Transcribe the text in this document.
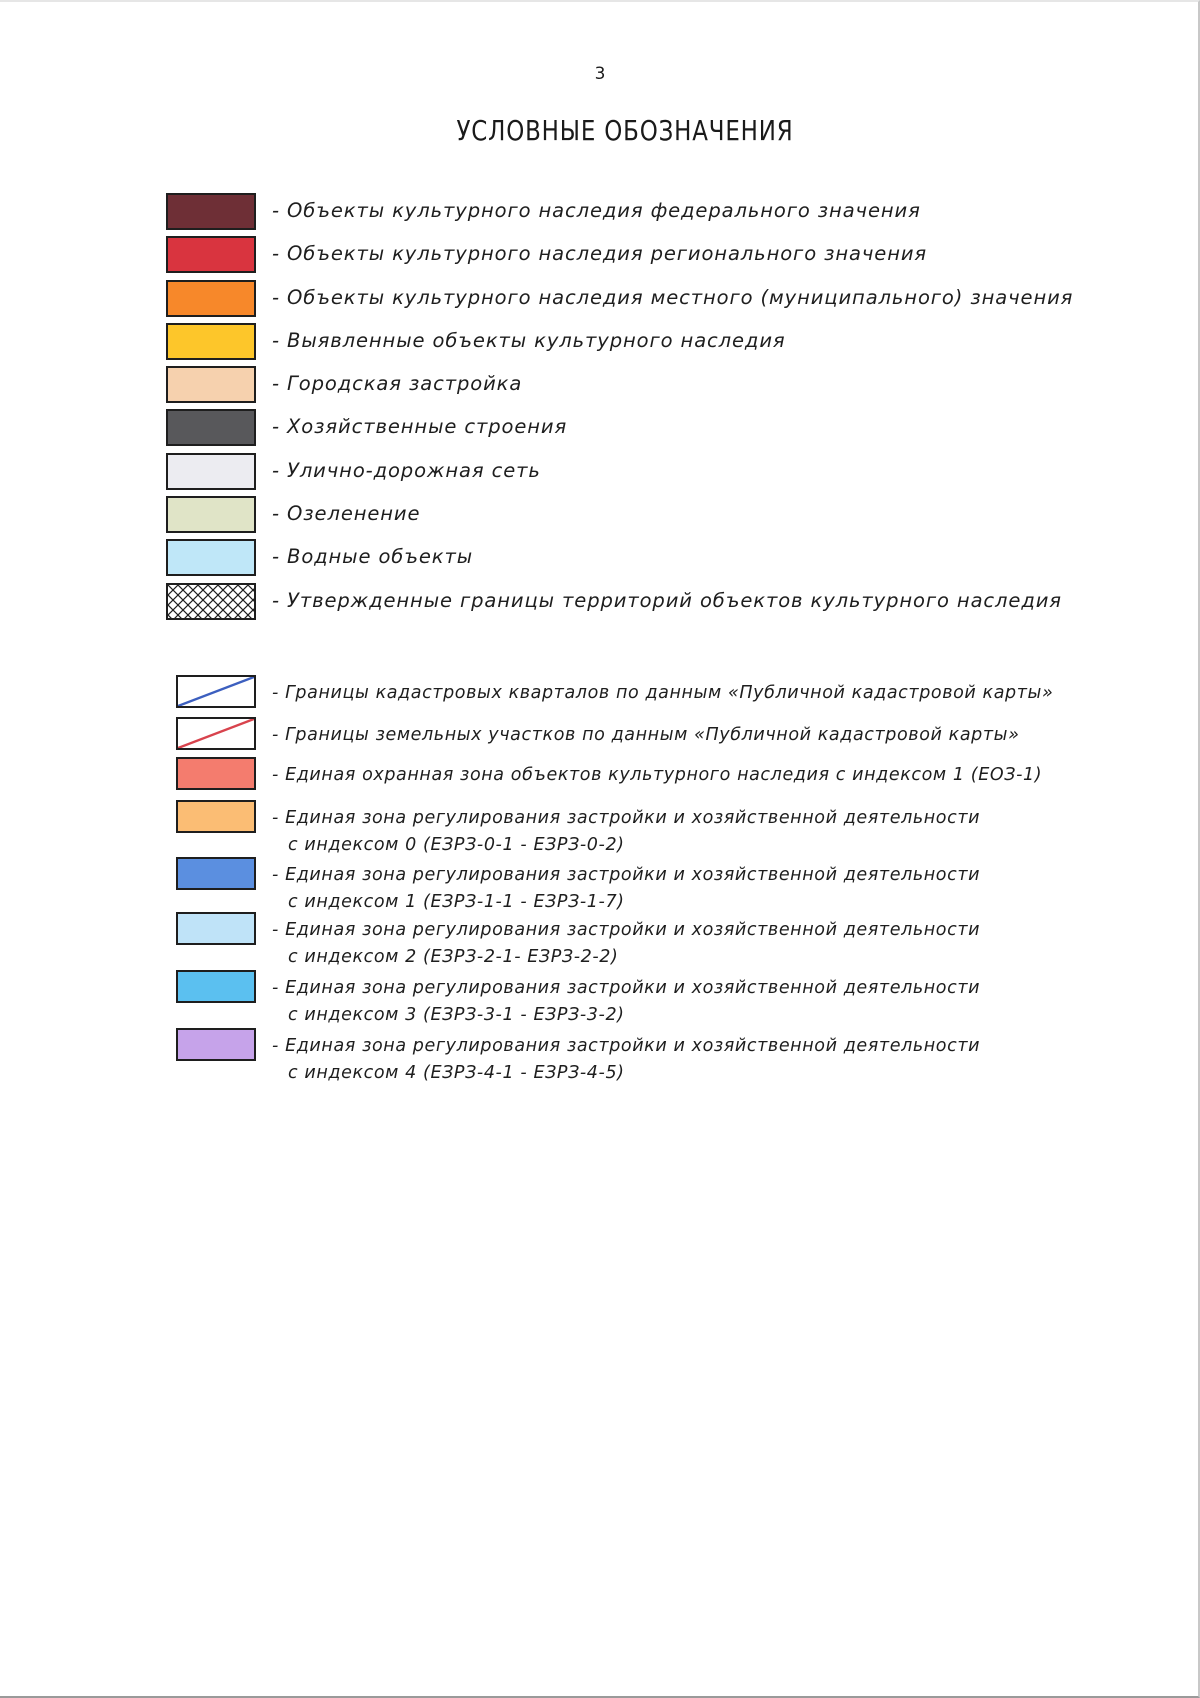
3
УСЛОВНЫЕ ОБОЗНАЧЕНИЯ
- Объекты культурного наследия федерального значения
- Объекты культурного наследия регионального значения
- Объекты культурного наследия местного (муниципального) значения
- Выявленные объекты культурного наследия
- Городская застройка
- Хозяйственные строения
- Улично-дорожная сеть
- Озеленение
- Водные объекты
- Утвержденные границы территорий объектов культурного наследия
- Границы кадастровых кварталов по данным «Публичной кадастровой карты»
- Границы земельных участков по данным «Публичной кадастровой карты»
- Единая охранная зона объектов культурного наследия с индексом 1 (ЕОЗ-1)
- Единая зона регулирования застройки и хозяйственной деятельности
с индексом 0 (ЕЗРЗ-0-1 - ЕЗРЗ-0-2)
- Единая зона регулирования застройки и хозяйственной деятельности
с индексом 1 (ЕЗРЗ-1-1 - ЕЗРЗ-1-7)
- Единая зона регулирования застройки и хозяйственной деятельности
с индексом 2 (ЕЗРЗ-2-1- ЕЗРЗ-2-2)
- Единая зона регулирования застройки и хозяйственной деятельности
с индексом 3 (ЕЗРЗ-3-1 - ЕЗРЗ-3-2)
- Единая зона регулирования застройки и хозяйственной деятельности
с индексом 4 (ЕЗРЗ-4-1 - ЕЗРЗ-4-5)
